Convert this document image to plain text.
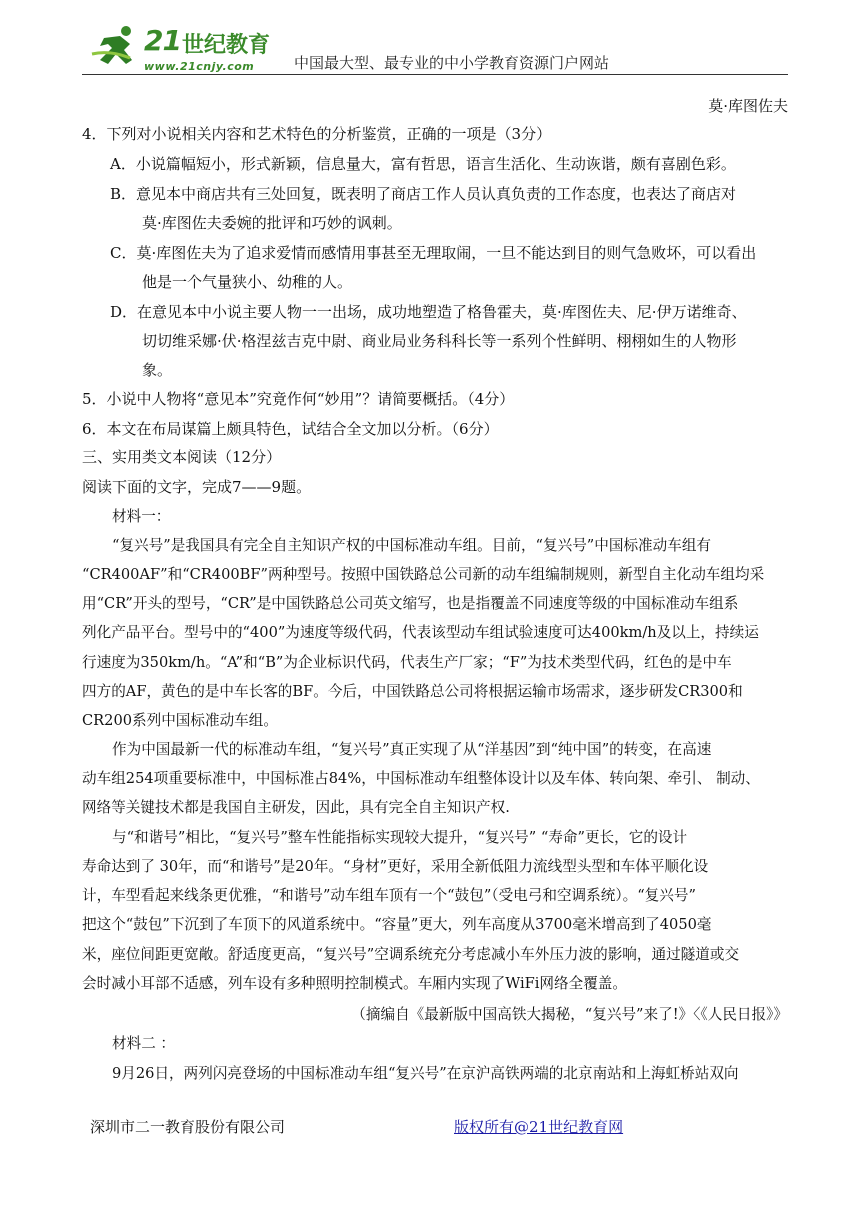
21 世纪教育
www.21cnjy.com	中国最大型、最专业的中小学教育资源门户网站
莫·库图佐夫
4．下列对小说相关内容和艺术特色的分析鉴赏，正确的一项是（3分）
A．小说篇幅短小，形式新颖，信息量大，富有哲思，语言生活化、生动诙谐，颇有喜剧色彩。
B．意见本中商店共有三处回复，既表明了商店工作人员认真负责的工作态度，也表达了商店对
莫·库图佐夫委婉的批评和巧妙的讽刺。
C．莫·库图佐夫为了追求爱情而感情用事甚至无理取闹，一旦不能达到目的则气急败坏，可以看出
他是一个气量狭小、幼稚的人。
D．在意见本中小说主要人物一一出场，成功地塑造了格鲁霍夫，莫·库图佐夫、尼·伊万诺维奇、
切切维采娜·伏·格涅兹吉克中尉、商业局业务科科长等一系列个性鲜明、栩栩如生的人物形
象。
5．小说中人物将“意见本”究竟作何“妙用”？请简要概括。（4分）
6．本文在布局谋篇上颇具特色，试结合全文加以分析。（6分）
三、实用类文本阅读（12分）
阅读下面的文字，完成7——9题。
材料一：
“复兴号”是我国具有完全自主知识产权的中国标准动车组。目前，“复兴号”中国标准动车组有
“CR400AF”和“CR400BF”两种型号。按照中国铁路总公司新的动车组编制规则，新型自主化动车组均采
用“CR”开头的型号，“CR”是中国铁路总公司英文缩写，也是指覆盖不同速度等级的中国标准动车组系
列化产品平台。型号中的“400”为速度等级代码，代表该型动车组试验速度可达400km/h及以上，持续运
行速度为350km/h。“A”和“B”为企业标识代码，代表生产厂家；“F”为技术类型代码，红色的是中车
四方的AF，黄色的是中车长客的BF。今后，中国铁路总公司将根据运输市场需求，逐步研发CR300和
CR200系列中国标准动车组。
作为中国最新一代的标准动车组，“复兴号”真正实现了从“洋基因”到“纯中国”的转变，在高速
动车组254项重要标准中，中国标准占84%，中国标准动车组整体设计以及车体、转向架、牵引、 制动、
网络等关键技术都是我国自主研发，因此，具有完全自主知识产权.
与“和谐号”相比，“复兴号”整车性能指标实现较大提升，“复兴号” “寿命”更长，它的设计
寿命达到了 30年，而“和谐号”是20年。“身材”更好，采用全新低阻力流线型头型和车体平顺化设
计，车型看起来线条更优雅，“和谐号”动车组车顶有一个“鼓包”（受电弓和空调系统）。“复兴号”
把这个“鼓包”下沉到了车顶下的风道系统中。“容量”更大，列车高度从3700毫米增高到了4050毫
米，座位间距更宽敞。舒适度更高，“复兴号”空调系统充分考虑减小车外压力波的影响，通过隧道或交
会时减小耳部不适感，列车设有多种照明控制模式。车厢内实现了WiFi网络全覆盖。
（摘编自《最新版中国高铁大揭秘，“复兴号”来了!》〈《人民日报》》
材料二 ：
9月26日，两列闪亮登场的中国标准动车组“复兴号”在京沪高铁两端的北京南站和上海虹桥站双向
深圳市二一教育股份有限公司	版权所有@21世纪教育网
